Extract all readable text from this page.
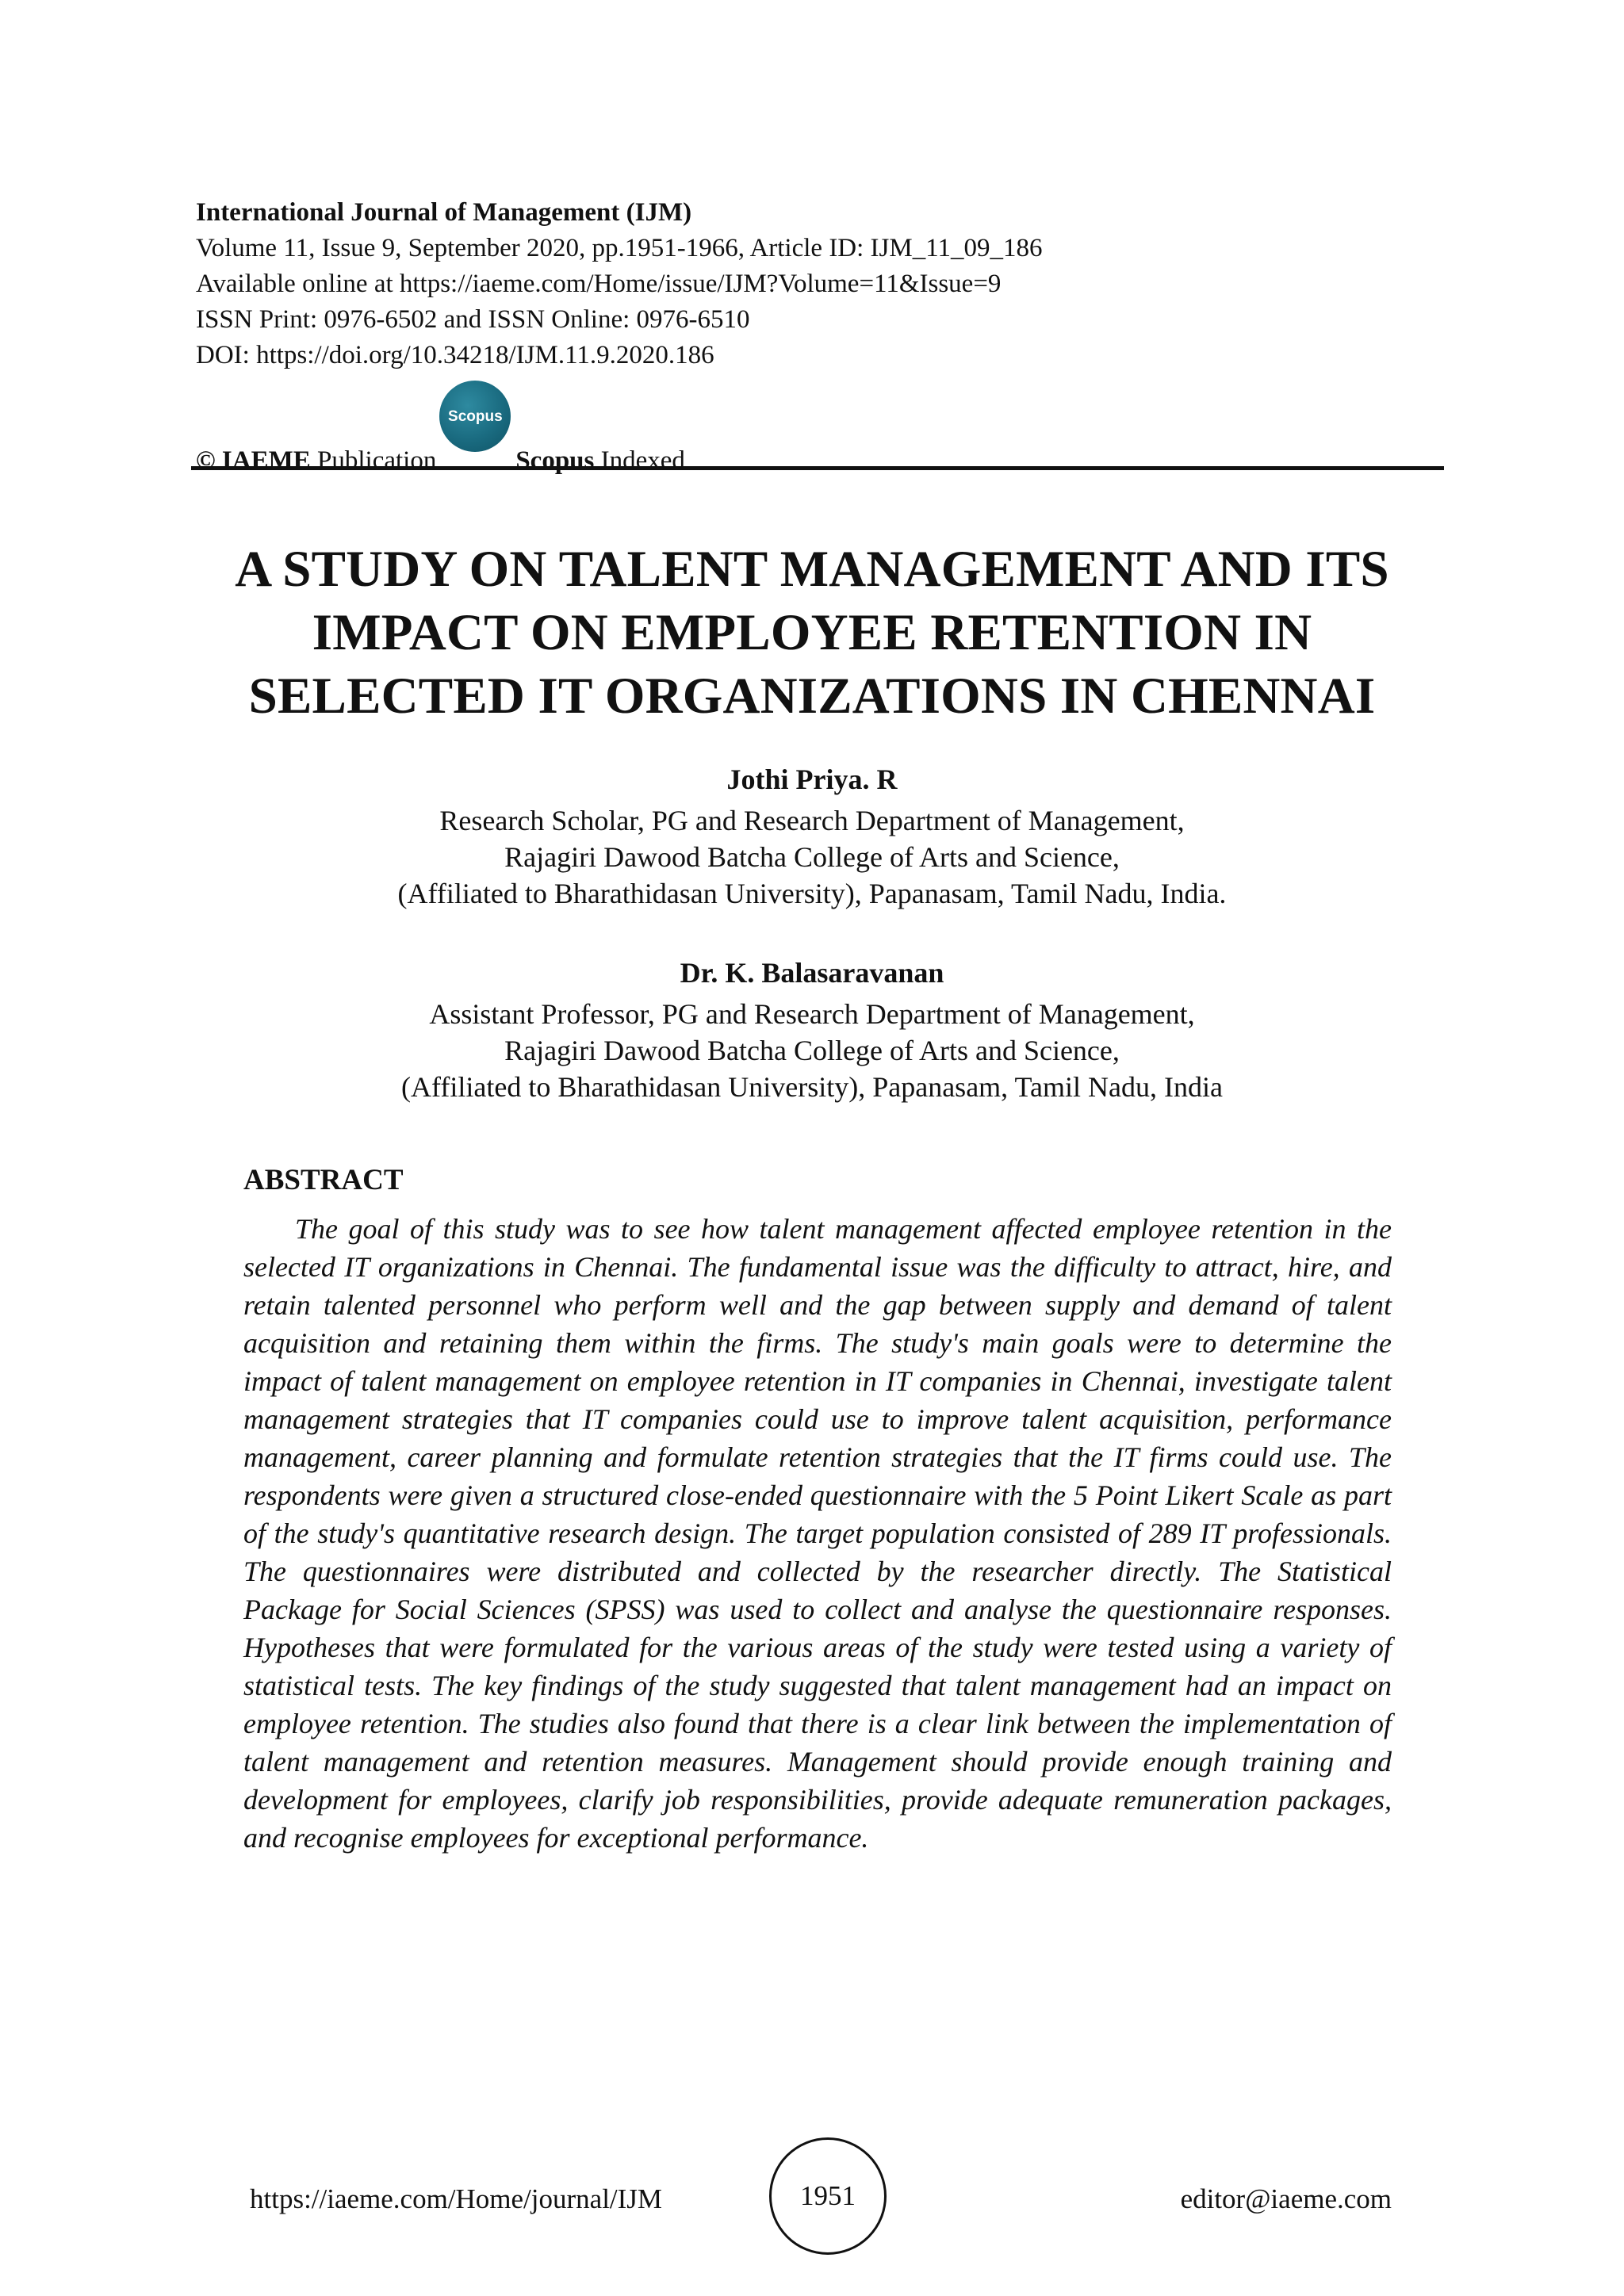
International Journal of Management (IJM)
Volume 11, Issue 9, September 2020, pp.1951-1966, Article ID: IJM_11_09_186
Available online at https://iaeme.com/Home/issue/IJM?Volume=11&Issue=9
ISSN Print: 0976-6502 and ISSN Online: 0976-6510
DOI: https://doi.org/10.34218/IJM.11.9.2020.186
© IAEME
Publication
Scopus
Scopus
Indexed
A STUDY ON TALENT MANAGEMENT AND ITS
IMPACT ON EMPLOYEE RETENTION IN
SELECTED IT ORGANIZATIONS IN CHENNAI
Jothi Priya. R
Research Scholar, PG and Research Department of Management,
Rajagiri Dawood Batcha College of Arts and Science,
(Affiliated to Bharathidasan University), Papanasam, Tamil Nadu, India.
Dr. K. Balasaravanan
Assistant Professor, PG and Research Department of Management,
Rajagiri Dawood Batcha College of Arts and Science,
(Affiliated to Bharathidasan University), Papanasam, Tamil Nadu, India
ABSTRACT
The goal of this study was to see how talent management affected employee retention in the selected IT organizations in Chennai. The fundamental issue was the difficulty to attract, hire, and retain talented personnel who perform well and the gap between supply and demand of talent acquisition and retaining them within the firms. The study's main goals were to determine the impact of talent management on employee retention in IT companies in Chennai, investigate talent management strategies that IT companies could use to improve talent acquisition, performance management, career planning and formulate retention strategies that the IT firms could use. The respondents were given a structured close-ended questionnaire with the 5 Point Likert Scale as part of the study's quantitative research design. The target population consisted of 289 IT professionals. The questionnaires were distributed and collected by the researcher directly. The Statistical Package for Social Sciences (SPSS) was used to collect and analyse the questionnaire responses. Hypotheses that were formulated for the various areas of the study were tested using a variety of statistical tests. The key findings of the study suggested that talent management had an impact on employee retention. The studies also found that there is a clear link between the implementation of talent management and retention measures. Management should provide enough training and development for employees, clarify job responsibilities, provide adequate remuneration packages, and recognise employees for exceptional performance.
https://iaeme.com/Home/journal/IJM	1951	editor@iaeme.com
